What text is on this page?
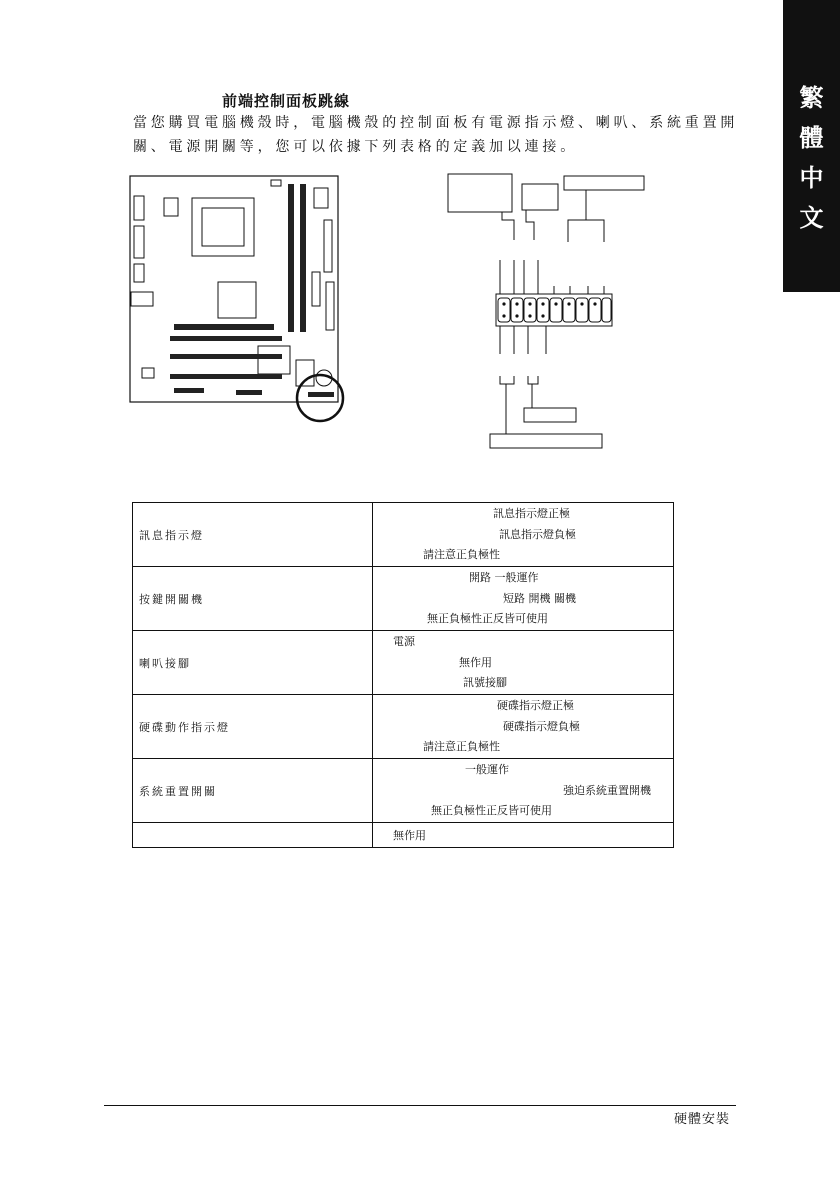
繁
體
中
文
前端控制面板跳線
當您購買電腦機殼時，電腦機殼的控制面板有電源指示燈、喇叭、系統重置開
關、電源開關等，您可以依據下列表格的定義加以連接。
訊息指示燈	訊息指示燈正極
訊息指示燈負極
請注意正負極性

按鍵開關機	開路 一般運作
短路 開機 關機
無正負極性正反皆可使用

喇叭接腳	電源
無作用
訊號接腳

硬碟動作指示燈	硬碟指示燈正極
硬碟指示燈負極
請注意正負極性

系統重置開關	一般運作
強迫系統重置開機
無正負極性正反皆可使用

	無作用
硬體安裝
